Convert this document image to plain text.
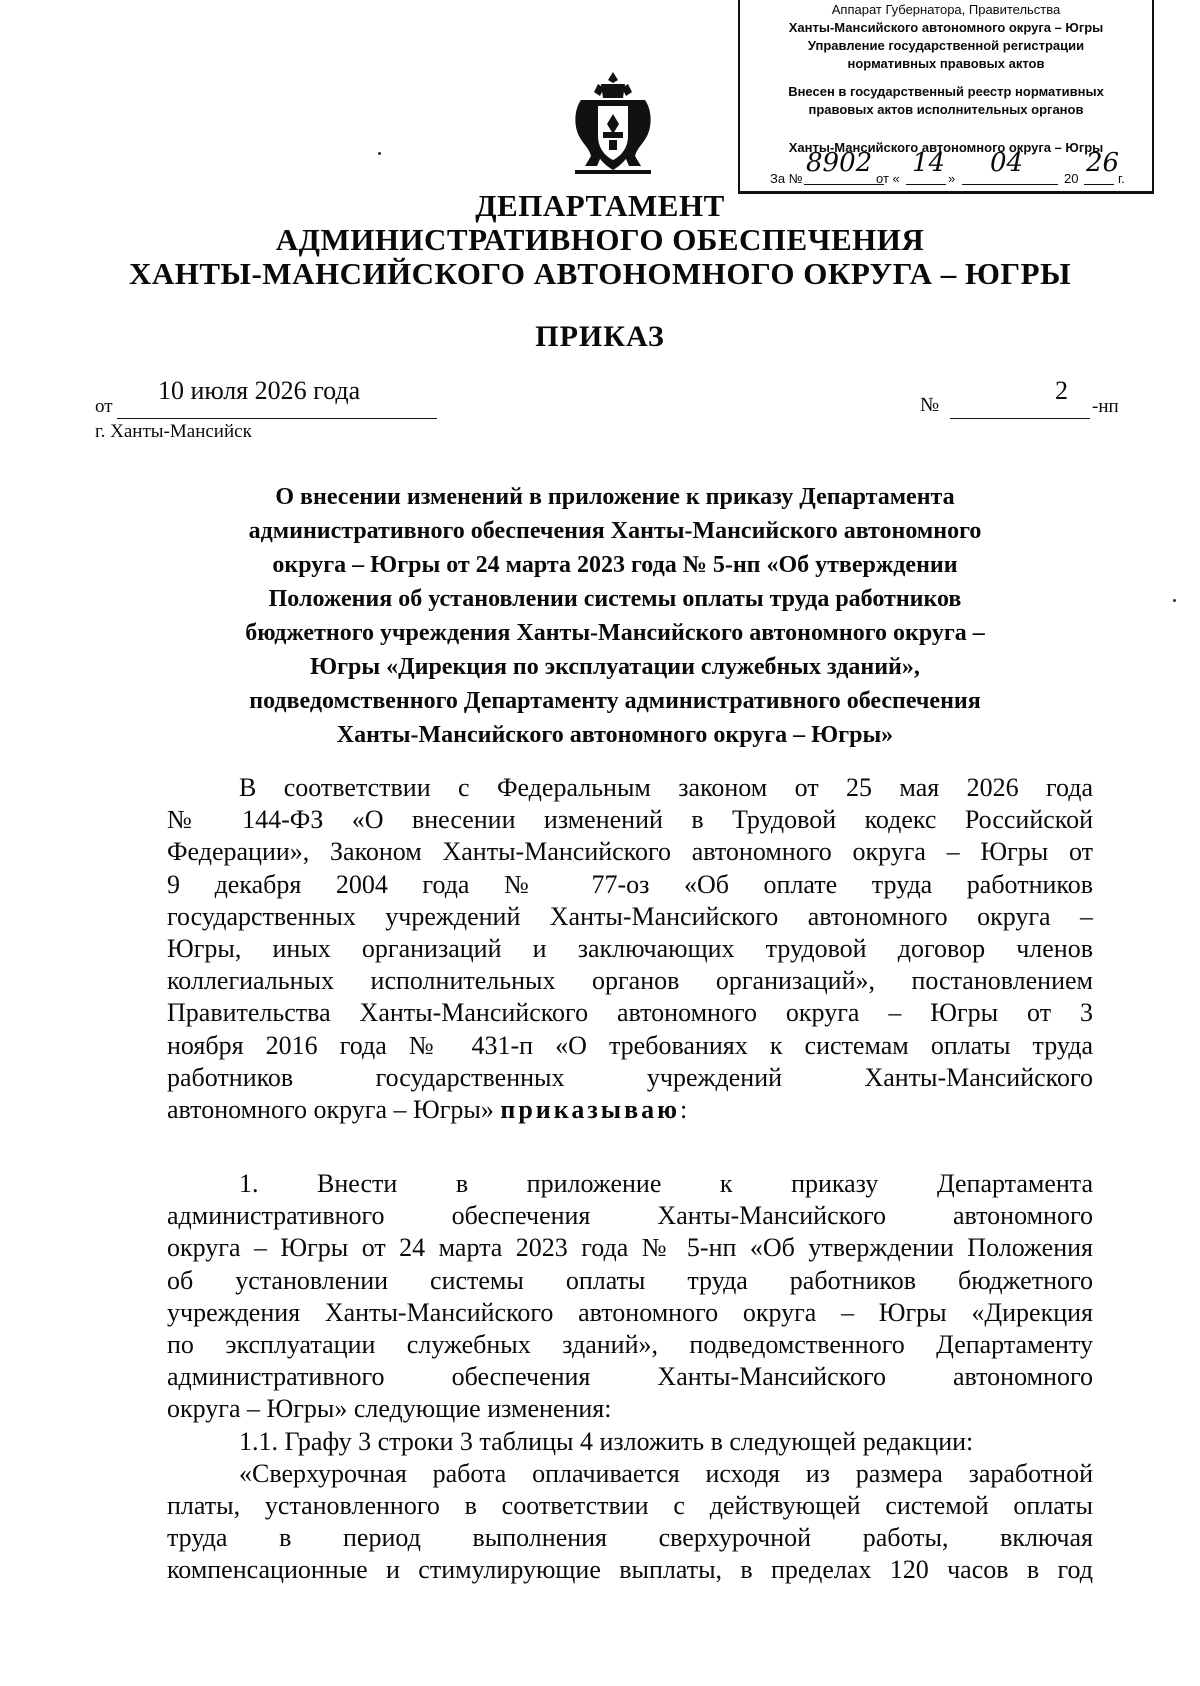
Аппарат Губернатора, Правительства
Ханты-Мансийского автономного округа – Югры
Управление государственной регистрации
нормативных правовых актов
Внесен в государственный реестр нормативных
правовых актов исполнительных органов
Ханты-Мансийского автономного округа – Югры
За №
8902
от «
14
»
04
20
26
г.
ДЕПАРТАМЕНТ
АДМИНИСТРАТИВНОГО ОБЕСПЕЧЕНИЯ
ХАНТЫ-МАНСИЙСКОГО АВТОНОМНОГО ОКРУГА – ЮГРЫ
ПРИКАЗ
от
10 июля 2026 года
г. Ханты-Мансийск
№	2
-нп
О внесении изменений в приложение к приказу Департамента
административного обеспечения Ханты-Мансийского автономного
округа – Югры от 24 марта 2023 года № 5-нп «Об утверждении
Положения об установлении системы оплаты труда работников
бюджетного учреждения Ханты-Мансийского автономного округа –
Югры «Дирекция по эксплуатации служебных зданий»,
подведомственного Департаменту административного обеспечения
Ханты-Мансийского автономного округа – Югры»
В соответствии с Федеральным законом от 25 мая 2026 года
№ 144-ФЗ «О внесении изменений в Трудовой кодекс Российской
Федерации», Законом Ханты-Мансийского автономного округа – Югры от
9 декабря 2004 года № 77-оз «Об оплате труда работников
государственных учреждений Ханты-Мансийского автономного округа –
Югры, иных организаций и заключающих трудовой договор членов
коллегиальных исполнительных органов организаций», постановлением
Правительства Ханты-Мансийского автономного округа – Югры от 3
ноября 2016 года № 431-п «О требованиях к системам оплаты труда
работников государственных учреждений Ханты-Мансийского
автономного округа – Югры» приказываю:
1. Внести в приложение к приказу Департамента
административного обеспечения Ханты-Мансийского автономного
округа – Югры от 24 марта 2023 года № 5-нп «Об утверждении Положения
об установлении системы оплаты труда работников бюджетного
учреждения Ханты-Мансийского автономного округа – Югры «Дирекция
по эксплуатации служебных зданий», подведомственного Департаменту
административного обеспечения Ханты-Мансийского автономного
округа – Югры» следующие изменения:
1.1. Графу 3 строки 3 таблицы 4 изложить в следующей редакции:
«Сверхурочная работа оплачивается исходя из размера заработной
платы, установленного в соответствии с действующей системой оплаты
труда в период выполнения сверхурочной работы, включая
компенсационные и стимулирующие выплаты, в пределах 120 часов в год
